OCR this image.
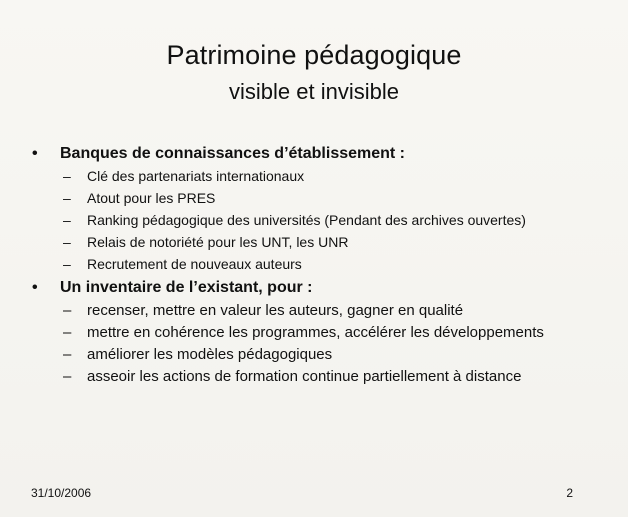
Patrimoine pédagogique
visible et invisible
• Banques de connaissances d’établissement :
– Clé des partenariats internationaux
– Atout pour les PRES
– Ranking pédagogique des universités (Pendant des archives ouvertes)
– Relais de notoriété pour les UNT, les UNR
– Recrutement de nouveaux auteurs
• Un inventaire de l’existant, pour :
– recenser, mettre en valeur les auteurs, gagner en qualité
– mettre en cohérence les programmes, accélérer les développements
– améliorer les modèles pédagogiques
– asseoir les actions de formation continue partiellement à distance
31/10/2006	2
